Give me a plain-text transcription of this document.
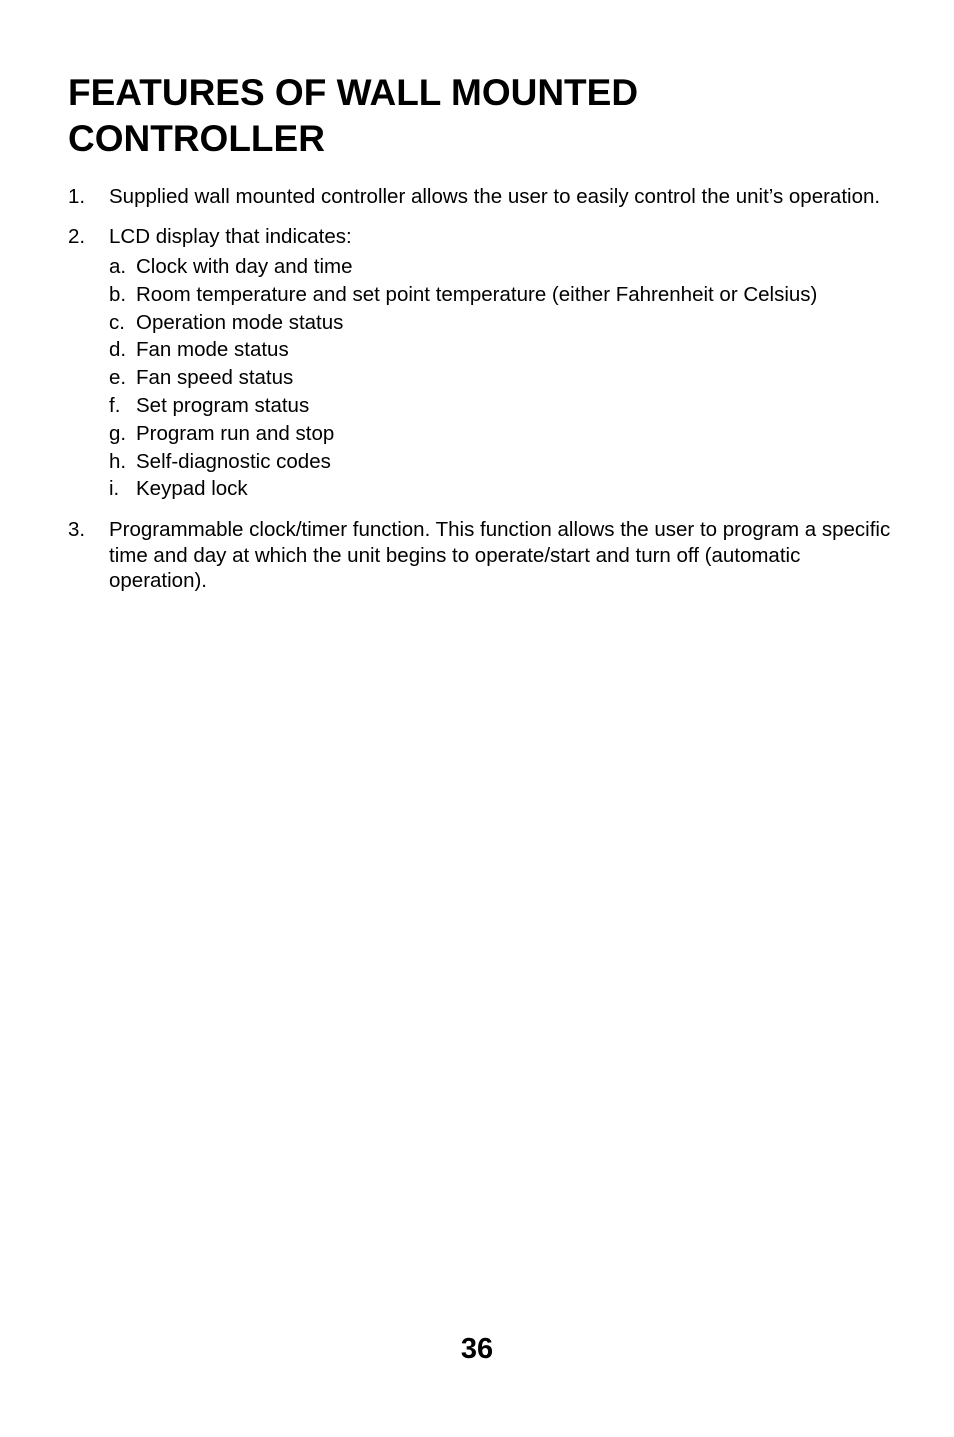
FEATURES OF WALL MOUNTED CONTROLLER
1. Supplied wall mounted controller allows the user to easily control the unit’s operation.
2. LCD display that indicates:
a. Clock with day and time
b. Room temperature and set point temperature (either Fahrenheit or Celsius)
c. Operation mode status
d. Fan mode status
e. Fan speed status
f. Set program status
g. Program run and stop
h. Self-diagnostic codes
i. Keypad lock
3. Programmable clock/timer function. This function allows the user to program a specific time and day at which the unit begins to operate/start and turn off (automatic operation).
36
